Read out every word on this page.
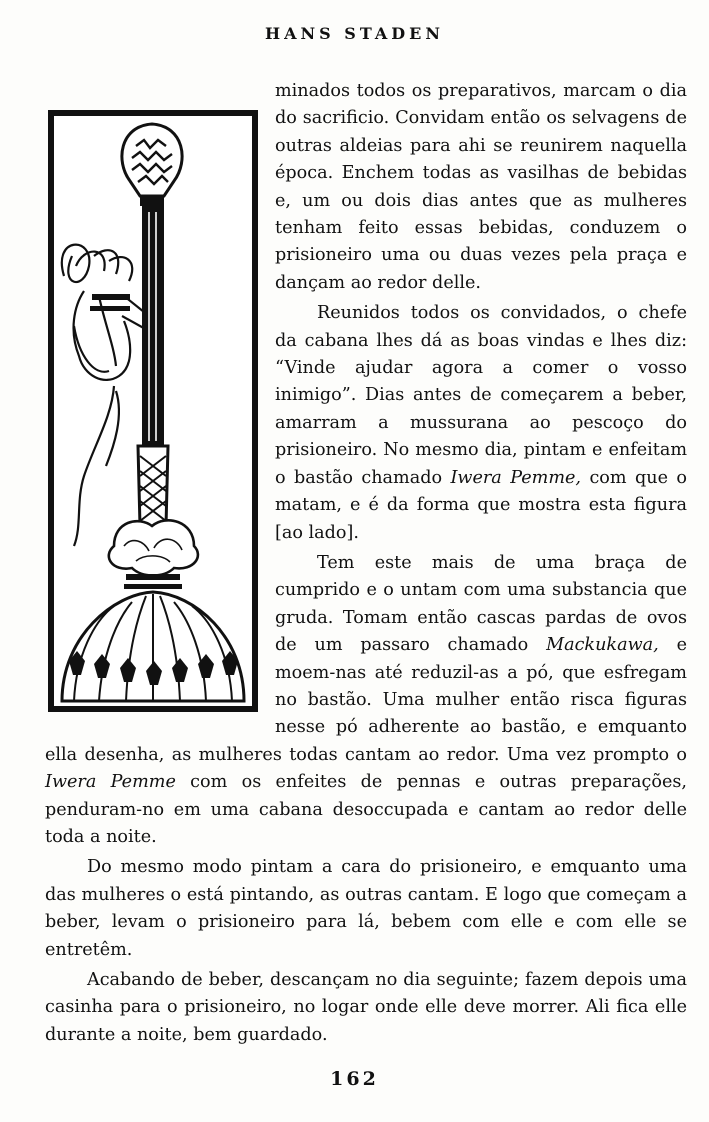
HANS STADEN

minados todos os preparativos, marcam o dia do sacrificio. Convidam então os selvagens de outras aldeias para ahi se reunirem naquella época. Enchem todas as vasilhas de bebidas e, um ou dois dias antes que as mulheres tenham feito essas bebidas, conduzem o prisioneiro uma ou duas vezes pela praça e dançam ao redor delle.

Reunidos todos os convidados, o chefe da cabana lhes dá as boas vindas e lhes diz: “Vinde ajudar agora a comer o vosso inimigo”. Dias antes de começarem a beber, amarram a mussurana ao pescoço do prisioneiro. No mesmo dia, pintam e enfeitam o bastão chamado Iwera Pemme, com que o matam, e é da forma que mostra esta figura [ao lado].

Tem este mais de uma braça de cumprido e o untam com uma substancia que gruda. Tomam então cascas pardas de ovos de um passaro chamado Mackukawa, e moem-nas até reduzil-as a pó, que esfregam no bastão. Uma mulher então risca figuras nesse pó adherente ao bastão, e emquanto ella desenha, as mulheres todas cantam ao redor. Uma vez prompto o Iwera Pemme com os enfeites de pennas e outras preparações, penduram-no em uma cabana desoccupada e cantam ao redor delle toda a noite.

Do mesmo modo pintam a cara do prisioneiro, e emquanto uma das mulheres o está pintando, as outras cantam. E logo que começam a beber, levam o prisioneiro para lá, bebem com elle e com elle se entretêm.

Acabando de beber, descançam no dia seguinte; fazem depois uma casinha para o prisioneiro, no logar onde elle deve morrer. Ali fica elle durante a noite, bem guardado.

162
